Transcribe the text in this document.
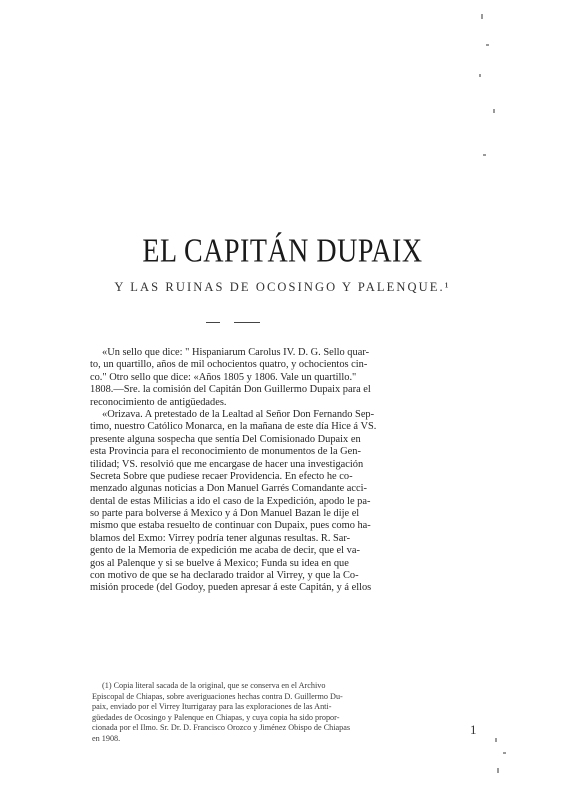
EL CAPITÁN DUPAIX
Y LAS RUINAS DE OCOSINGO Y PALENQUE.¹
«Un sello que dice: " Hispaniarum Carolus IV. D. G. Sello quar-
to, un quartillo, años de mil ochocientos quatro, y ochocientos cin-
co." Otro sello que dice: «Años 1805 y 1806. Vale un quartillo."
1808.—Sre. la comisión del Capitán Don Guillermo Dupaix para el
reconocimiento de antigüedades.
«Orizava. A pretestado de la Lealtad al Señor Don Fernando Sep-
timo, nuestro Católico Monarca, en la mañana de este día Hice á VS.
presente alguna sospecha que sentía Del Comisionado Dupaix en
esta Provincia para el reconocimiento de monumentos de la Gen-
tilidad; VS. resolvió que me encargase de hacer una investigación
Secreta Sobre que pudiese recaer Providencia. En efecto he co-
menzado algunas noticias a Don Manuel Garrés Comandante acci-
dental de estas Milicias a ido el caso de la Expedición, apodo le pa-
so parte para bolverse á Mexico y á Don Manuel Bazan le dije el
mismo que estaba resuelto de continuar con Dupaix, pues como ha-
blamos del Exmo: Virrey podría tener algunas resultas. R. Sar-
gento de la Memoria de expedición me acaba de decir, que el va-
gos al Palenque y si se buelve á Mexico; Funda su idea en que
con motivo de que se ha declarado traidor al Virrey, y que la Co-
misión procede (del Godoy, pueden apresar á este Capitán, y á ellos
(1) Copia literal sacada de la original, que se conserva en el Archivo
Episcopal de Chiapas, sobre averiguaciones hechas contra D. Guillermo Du-
paix, enviado por el Virrey Iturrigaray para las exploraciones de las Anti-
güedades de Ocosingo y Palenque en Chiapas, y cuya copia ha sido propor-
cionada por el Ilmo. Sr. Dr. D. Francisco Orozco y Jiménez Obispo de Chiapas
en 1908.
1
